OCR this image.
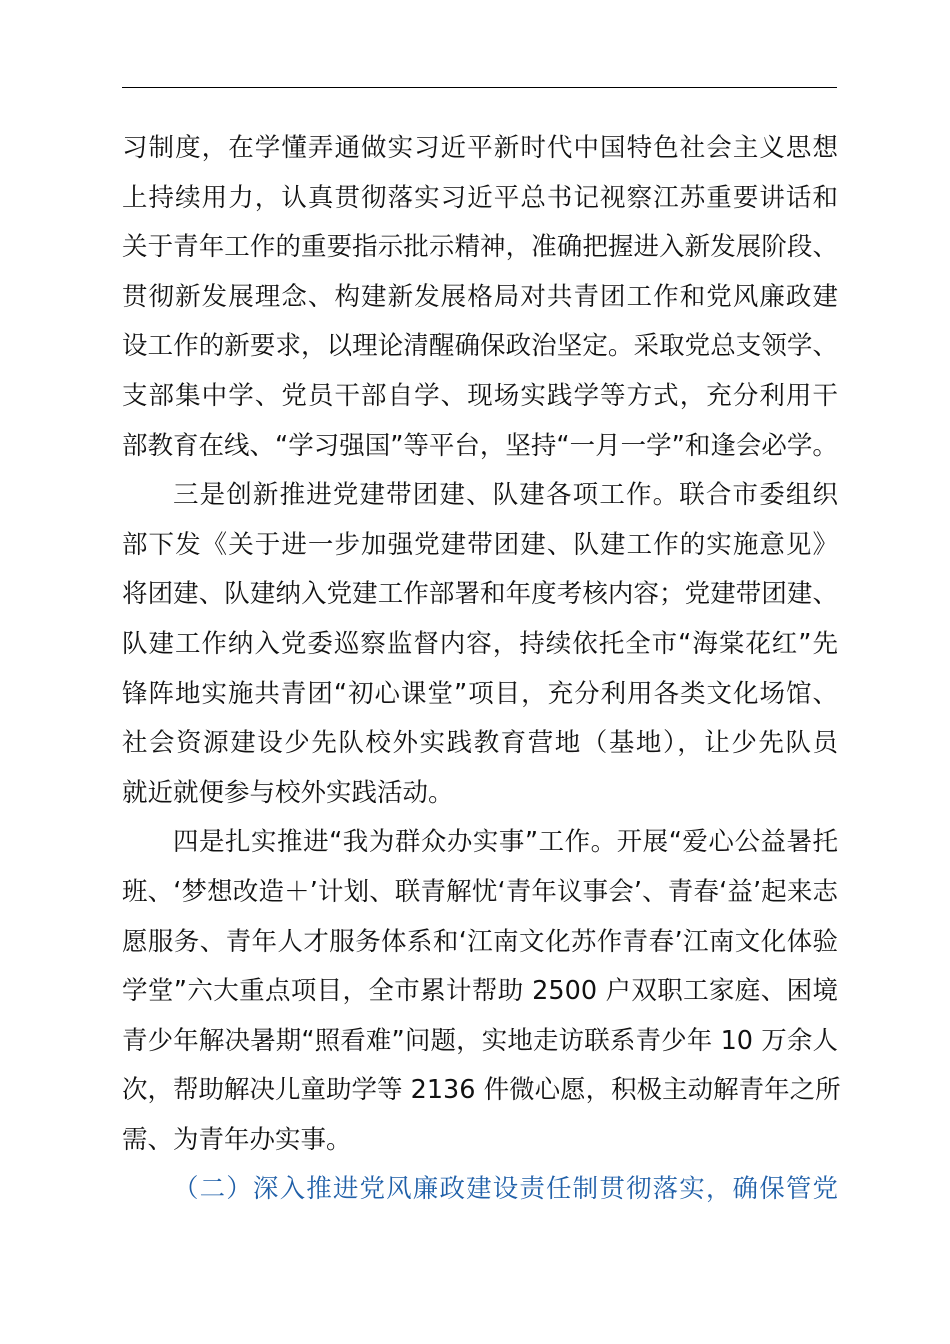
习制度，在学懂弄通做实习近平新时代中国特色社会主义思想
上持续用力，认真贯彻落实习近平总书记视察江苏重要讲话和
关于青年工作的重要指示批示精神，准确把握进入新发展阶段、
贯彻新发展理念、构建新发展格局对共青团工作和党风廉政建
设工作的新要求，以理论清醒确保政治坚定。采取党总支领学、
支部集中学、党员干部自学、现场实践学等方式，充分利用干
部教育在线、“学习强国”等平台，坚持“一月一学”和逢会必学。
三是创新推进党建带团建、队建各项工作。联合市委组织
部下发《关于进一步加强党建带团建、队建工作的实施意见》
将团建、队建纳入党建工作部署和年度考核内容；党建带团建、
队建工作纳入党委巡察监督内容，持续依托全市“海棠花红”先
锋阵地实施共青团“初心课堂”项目，充分利用各类文化场馆、
社会资源建设少先队校外实践教育营地（基地），让少先队员
就近就便参与校外实践活动。
四是扎实推进“我为群众办实事”工作。开展“爱心公益暑托
班、‘梦想改造＋’计划、联青解忧‘青年议事会’、青春‘益’起来志
愿服务、青年人才服务体系和‘江南文化苏作青春’江南文化体验
学堂”六大重点项目，全市累计帮助 2500 户双职工家庭、困境
青少年解决暑期“照看难”问题，实地走访联系青少年 10 万余人
次，帮助解决儿童助学等 2136 件微心愿，积极主动解青年之所
需、为青年办实事。
（二）深入推进党风廉政建设责任制贯彻落实，确保管党
